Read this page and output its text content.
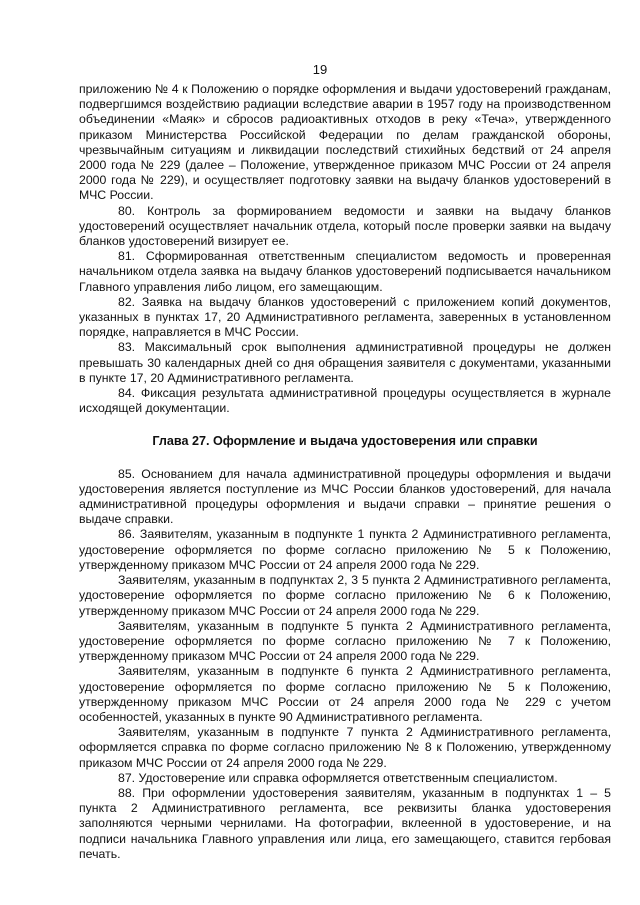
19

приложению № 4 к Положению о порядке оформления и выдачи удостоверений гражданам, подвергшимся воздействию радиации вследствие аварии в 1957 году на производственном объединении «Маяк» и сбросов радиоактивных отходов в реку «Теча», утвержденного приказом Министерства Российской Федерации по делам гражданской обороны, чрезвычайным ситуациям и ликвидации последствий стихийных бедствий от 24 апреля 2000 года № 229 (далее – Положение, утвержденное приказом МЧС России от 24 апреля 2000 года № 229), и осуществляет подготовку заявки на выдачу бланков удостоверений в МЧС России.

80. Контроль за формированием ведомости и заявки на выдачу бланков удостоверений осуществляет начальник отдела, который после проверки заявки на выдачу бланков удостоверений визирует ее.

81. Сформированная ответственным специалистом ведомость и проверенная начальником отдела заявка на выдачу бланков удостоверений подписывается начальником Главного управления либо лицом, его замещающим.

82. Заявка на выдачу бланков удостоверений с приложением копий документов, указанных в пунктах 17, 20 Административного регламента, заверенных в установленном порядке, направляется в МЧС России.

83. Максимальный срок выполнения административной процедуры не должен превышать 30 календарных дней со дня обращения заявителя с документами, указанными в пункте 17, 20 Административного регламента.

84. Фиксация результата административной процедуры осуществляется в журнале исходящей документации.

Глава 27. Оформление и выдача удостоверения или справки

85. Основанием для начала административной процедуры оформления и выдачи удостоверения является поступление из МЧС России бланков удостоверений, для начала административной процедуры оформления и выдачи справки – принятие решения о выдаче справки.

86. Заявителям, указанным в подпункте 1 пункта 2 Административного регламента, удостоверение оформляется по форме согласно приложению № 5 к Положению, утвержденному приказом МЧС России от 24 апреля 2000 года № 229.

Заявителям, указанным в подпунктах 2, 3 5 пункта 2 Административного регламента, удостоверение оформляется по форме согласно приложению № 6 к Положению, утвержденному приказом МЧС России от 24 апреля 2000 года № 229.

Заявителям, указанным в подпункте 5 пункта 2 Административного регламента, удостоверение оформляется по форме согласно приложению № 7 к Положению, утвержденному приказом МЧС России от 24 апреля 2000 года № 229.

Заявителям, указанным в подпункте 6 пункта 2 Административного регламента, удостоверение оформляется по форме согласно приложению № 5 к Положению, утвержденному приказом МЧС России от 24 апреля 2000 года № 229 с учетом особенностей, указанных в пункте 90 Административного регламента.

Заявителям, указанным в подпункте 7 пункта 2 Административного регламента, оформляется справка по форме согласно приложению № 8 к Положению, утвержденному приказом МЧС России от 24 апреля 2000 года № 229.

87. Удостоверение или справка оформляется ответственным специалистом.

88. При оформлении удостоверения заявителям, указанным в подпунктах 1 – 5 пункта 2 Административного регламента, все реквизиты бланка удостоверения заполняются черными чернилами. На фотографии, вклеенной в удостоверение, и на подписи начальника Главного управления или лица, его замещающего, ставится гербовая печать.
